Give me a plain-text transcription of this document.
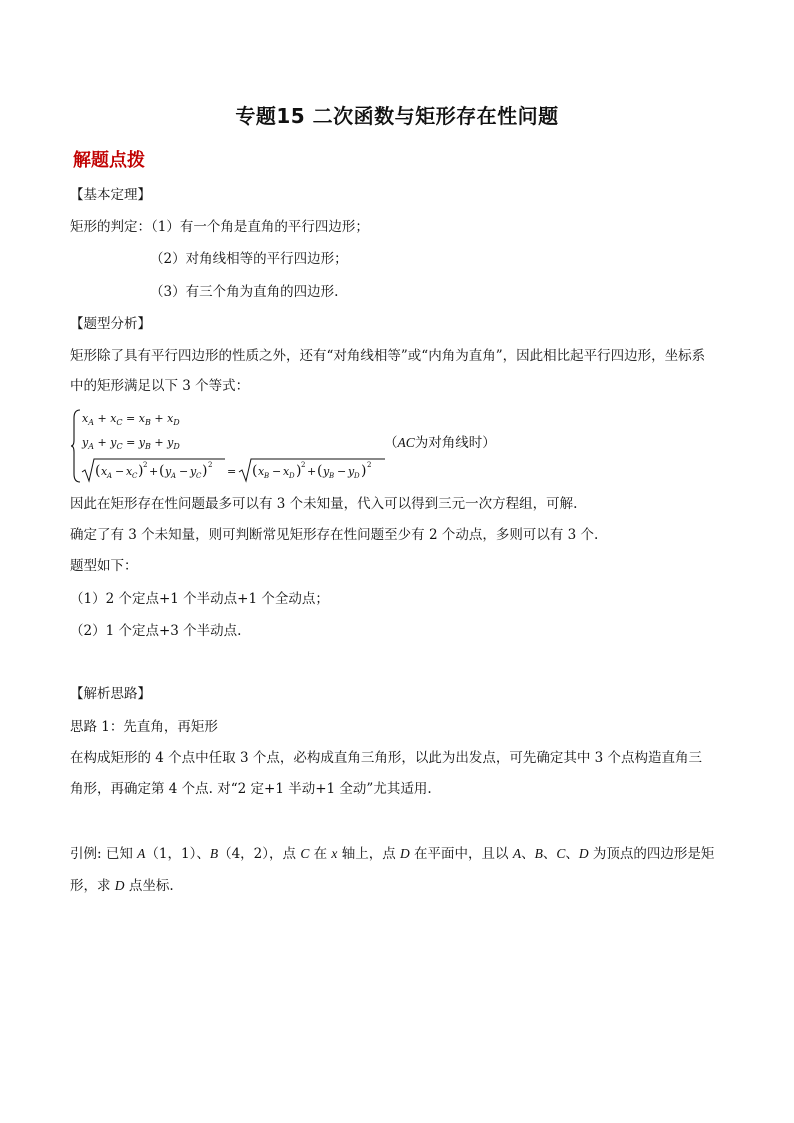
专题15 二次函数与矩形存在性问题
解题点拨
【基本定理】
矩形的判定：（1）有一个角是直角的平行四边形；
（2）对角线相等的平行四边形；
（3）有三个角为直角的四边形.
【题型分析】
矩形除了具有平行四边形的性质之外，还有“对角线相等”或“内角为直角”，因此相比起平行四边形，坐标系
中的矩形满足以下 3 个等式：
$x_A + x_C = x_B + x_D$
$y_A + y_C = y_B + y_D$
( x A − x C ) 2 + ( y A − y C ) 2 = ( x B − x D ) 2 + ( y B − y D ) 2
（AC为对角线时）
因此在矩形存在性问题最多可以有 3 个未知量，代入可以得到三元一次方程组，可解.
确定了有 3 个未知量，则可判断常见矩形存在性问题至少有 2 个动点，多则可以有 3 个.
题型如下：
（1）2 个定点+1 个半动点+1 个全动点；
（2）1 个定点+3 个半动点.
【解析思路】
思路 1：先直角，再矩形
在构成矩形的 4 个点中任取 3 个点，必构成直角三角形，以此为出发点，可先确定其中 3 个点构造直角三
角形，再确定第 4 个点. 对“2 定+1 半动+1 全动”尤其适用.
引例: 已知 A（1，1）、B（4，2），点 C 在 x 轴上，点 D 在平面中，且以 A、B、C、D 为顶点的四边形是矩
形，求 D 点坐标.
